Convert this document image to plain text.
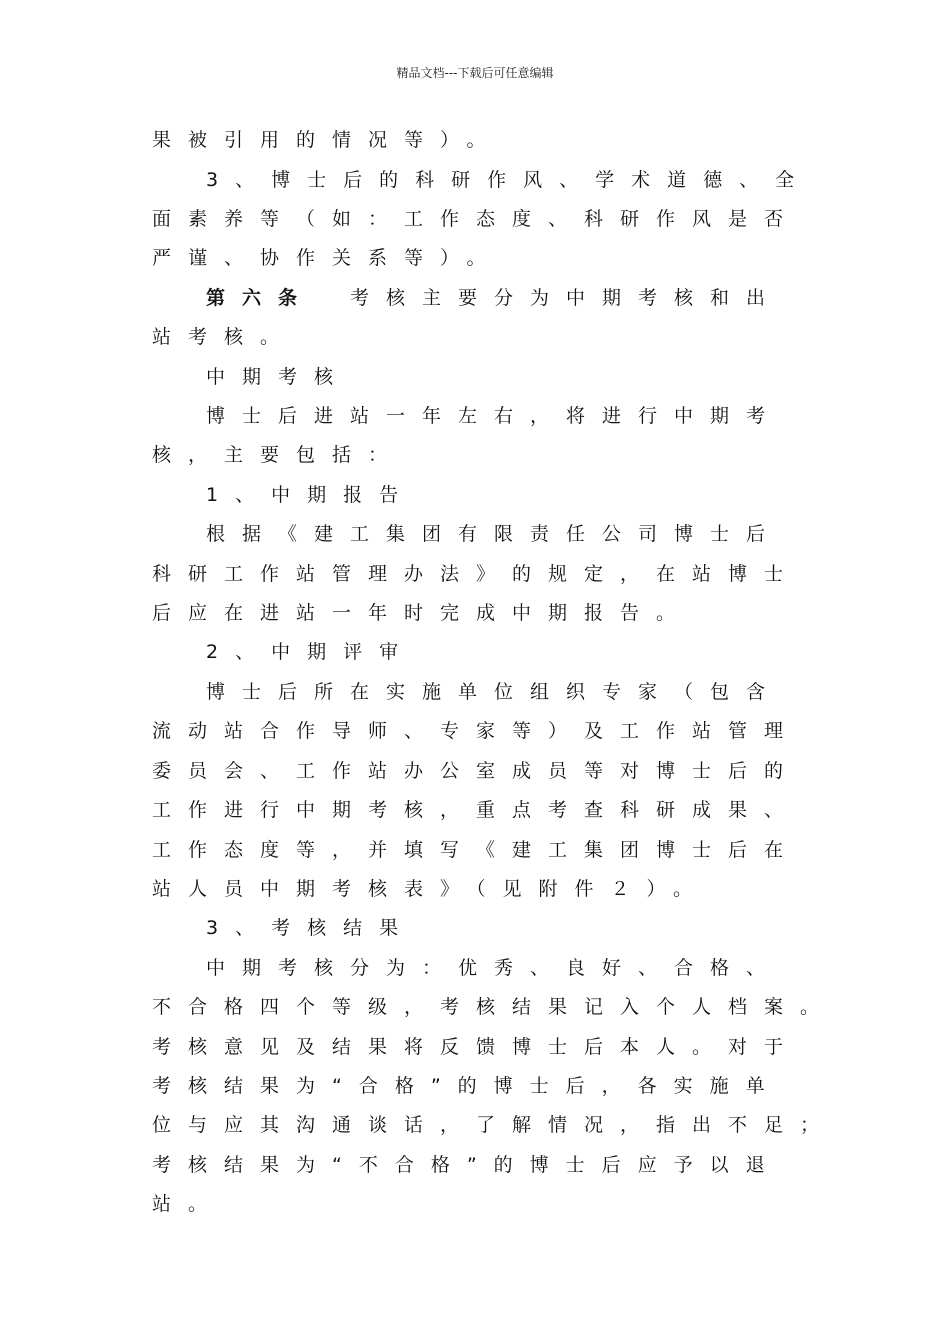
精品文档---下载后可任意编辑
果被引用的情况等）。
3、博士后的科研作风、学术道德、全
面素养等（如：工作态度、科研作风是否
严谨、协作关系等）。
第六条 考核主要分为中期考核和出
站考核。
中期考核
博士后进站一年左右，将进行中期考
核，主要包括：
1、中期报告
根据《建工集团有限责任公司博士后
科研工作站管理办法》的规定，在站博士
后应在进站一年时完成中期报告。
2、中期评审
博士后所在实施单位组织专家（包含
流动站合作导师、专家等）及工作站管理
委员会、工作站办公室成员等对博士后的
工作进行中期考核，重点考查科研成果、
工作态度等，并填写《建工集团博士后在
站人员中期考核表》（见附件２）。
3、考核结果
中期考核分为：优秀、良好、合格、
不合格四个等级，考核结果记入个人档案。
考核意见及结果将反馈博士后本人。对于
考核结果为“合格”的博士后，各实施单
位与应其沟通谈话，了解情况，指出不足；
考核结果为“不合格”的博士后应予以退
站。
